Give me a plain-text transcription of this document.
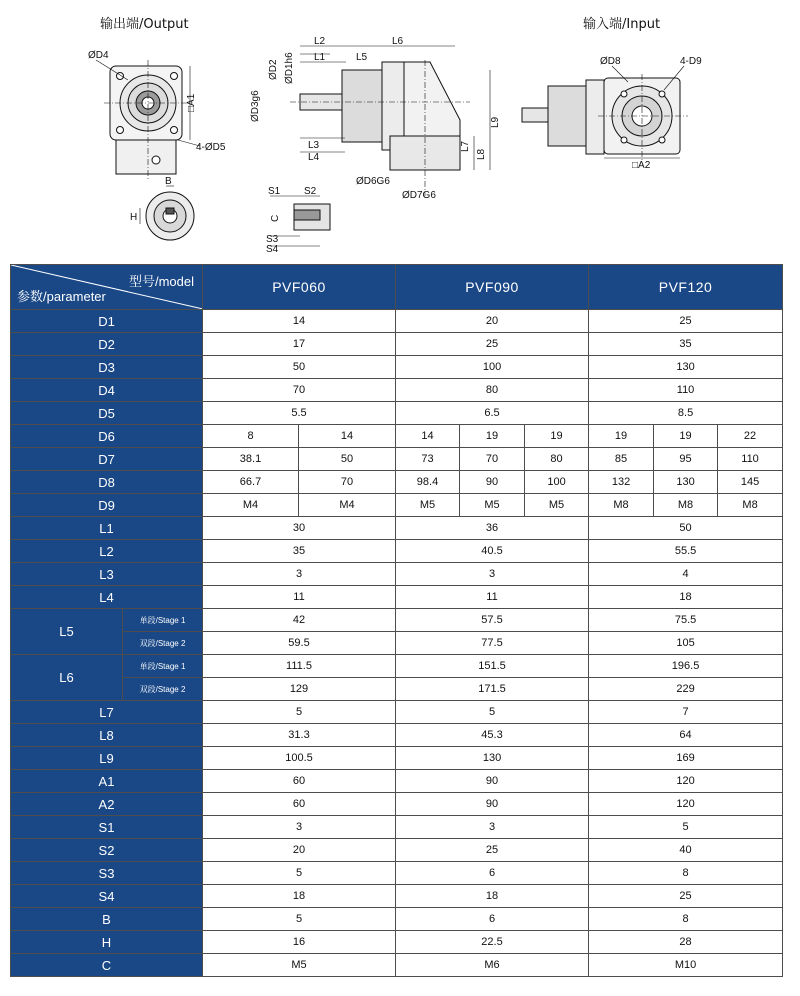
输出端/Output	输入端/Input
ØD4
□A1
4-ØD5
B
H
L2	L6
L1	L5
ØD2 ØD1h6
ØD3g6
L3
L4
L9
L7
L8
ØD6G6
ØD7G6
S1 S2
C
S3
S4
ØD8	4-D9
□A2
型号/model
参数/parameter		PVF060		PVF090			PVF120		
D1		14		20			25		
D2		17		25			35		
D3		50		100			130		
D4		70		80			110		
D5		5.5		6.5			8.5		
D6		8	14	14	19	19	19	19	22
D7		38.1	50	73	70	80	85	95	110
D8		66.7	70	98.4	90	100	132	130	145
D9		M4	M4	M5	M5	M5	M8	M8	M8
L1		30		36			50		
L2		35		40.5			55.5		
L3		3		3			4		
L4		11		11			18		
L5	单段/Stage 1	42		57.5			75.5		
	双段/Stage 2	59.5		77.5			105		
L6	单段/Stage 1	111.5		151.5			196.5		
	双段/Stage 2	129		171.5			229		
L7		5		5			7		
L8		31.3		45.3			64		
L9		100.5		130			169		
A1		60		90			120		
A2		60		90			120		
S1		3		3			5		
S2		20		25			40		
S3		5		6			8		
S4		18		18			25		
B		5		6			8		
H		16		22.5			28		
C		M5		M6			M10		
